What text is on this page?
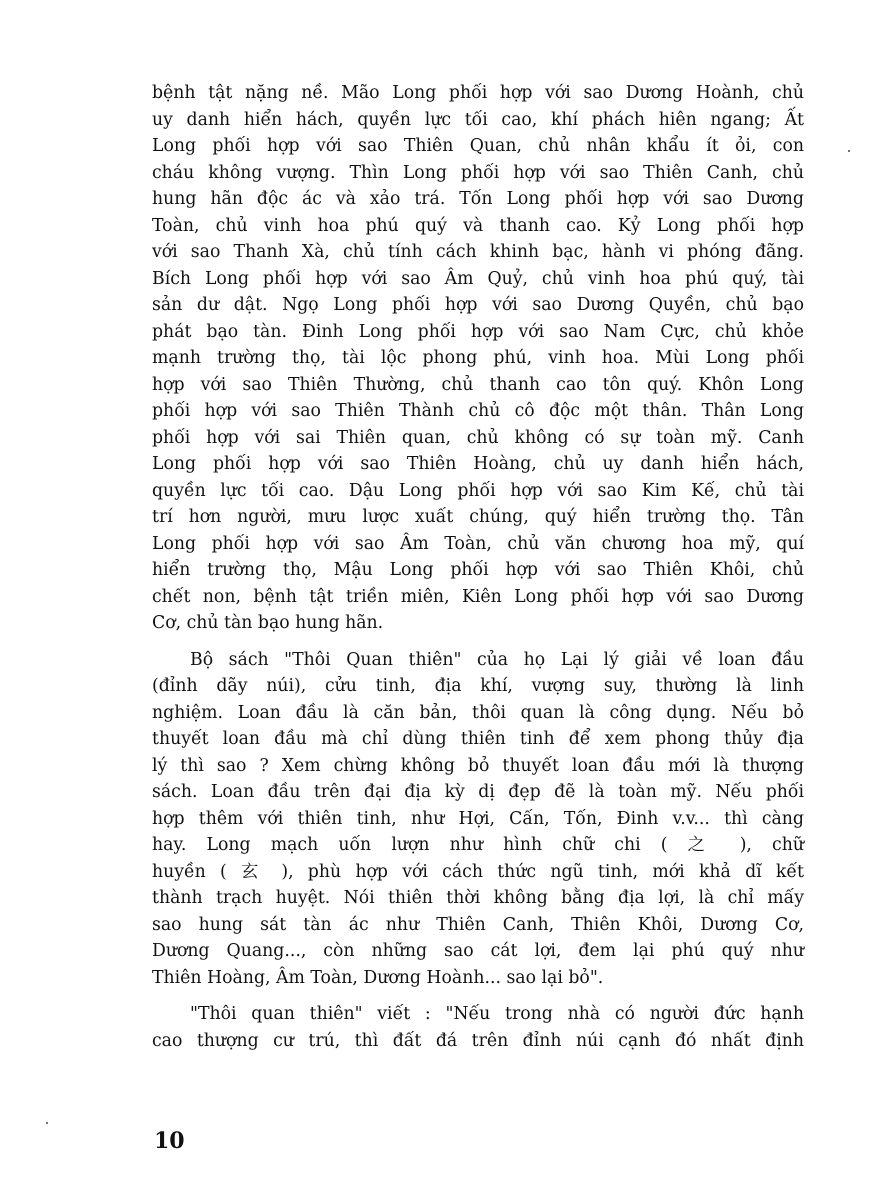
bệnh tật nặng nề. Mão Long phối hợp với sao Dương Hoành, chủ
uy danh hiển hách, quyền lực tối cao, khí phách hiên ngang; Ất
Long phối hợp với sao Thiên Quan, chủ nhân khẩu ít ỏi, con
cháu không vượng. Thìn Long phối hợp với sao Thiên Canh, chủ
hung hãn độc ác và xảo trá. Tốn Long phối hợp với sao Dương
Toàn, chủ vinh hoa phú quý và thanh cao. Kỷ Long phối hợp
với sao Thanh Xà, chủ tính cách khinh bạc, hành vi phóng đãng.
Bích Long phối hợp với sao Âm Quỷ, chủ vinh hoa phú quý, tài
sản dư dật. Ngọ Long phối hợp với sao Dương Quyền, chủ bạo
phát bạo tàn. Đinh Long phối hợp với sao Nam Cực, chủ khỏe
mạnh trường thọ, tài lộc phong phú, vinh hoa. Mùi Long phối
hợp với sao Thiên Thường, chủ thanh cao tôn quý. Khôn Long
phối hợp với sao Thiên Thành chủ cô độc một thân. Thân Long
phối hợp với sai Thiên quan, chủ không có sự toàn mỹ. Canh
Long phối hợp với sao Thiên Hoàng, chủ uy danh hiển hách,
quyền lực tối cao. Dậu Long phối hợp với sao Kim Kế, chủ tài
trí hơn người, mưu lược xuất chúng, quý hiển trường thọ. Tân
Long phối hợp với sao Âm Toàn, chủ văn chương hoa mỹ, quí
hiển trường thọ, Mậu Long phối hợp với sao Thiên Khôi, chủ
chết non, bệnh tật triền miên, Kiên Long phối hợp với sao Dương
Cơ, chủ tàn bạo hung hãn.
Bộ sách "Thôi Quan thiên" của họ Lại lý giải về loan đầu
(đỉnh dãy núi), cửu tinh, địa khí, vượng suy, thường là linh
nghiệm. Loan đầu là căn bản, thôi quan là công dụng. Nếu bỏ
thuyết loan đầu mà chỉ dùng thiên tinh để xem phong thủy địa
lý thì sao ? Xem chừng không bỏ thuyết loan đầu mới là thượng
sách. Loan đầu trên đại địa kỳ dị đẹp đẽ là toàn mỹ. Nếu phối
hợp thêm với thiên tinh, như Hợi, Cấn, Tốn, Đinh v.v... thì càng
hay. Long mạch uốn lượn như hình chữ chi ( 之 ), chữ
huyền ( 玄 ), phù hợp với cách thức ngũ tinh, mới khả dĩ kết
thành trạch huyệt. Nói thiên thời không bằng địa lợi, là chỉ mấy
sao hung sát tàn ác như Thiên Canh, Thiên Khôi, Dương Cơ,
Dương Quang..., còn những sao cát lợi, đem lại phú quý như
Thiên Hoàng, Âm Toàn, Dương Hoành... sao lại bỏ".
"Thôi quan thiên" viết : "Nếu trong nhà có người đức hạnh
cao thượng cư trú, thì đất đá trên đỉnh núi cạnh đó nhất định
10
